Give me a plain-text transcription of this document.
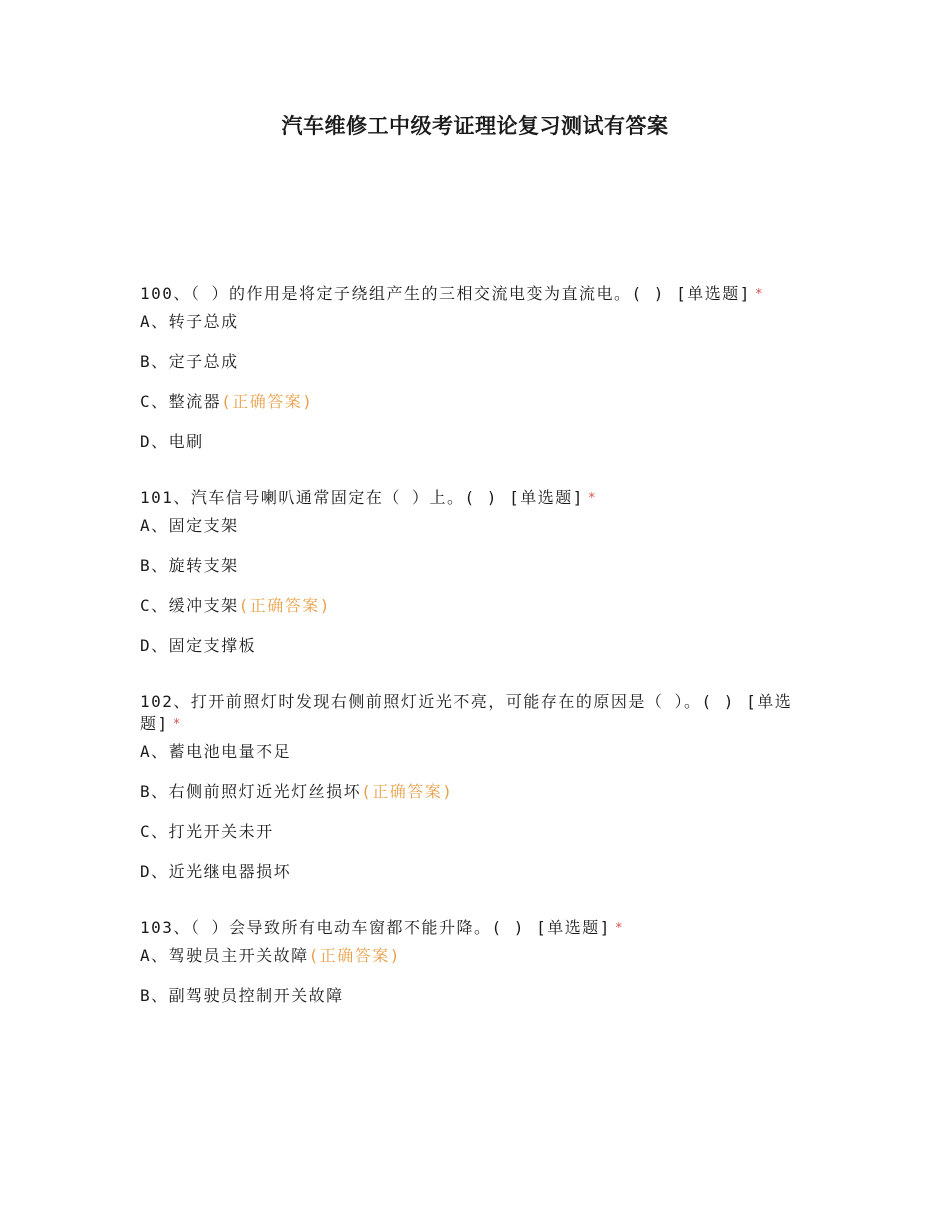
汽车维修工中级考证理论复习测试有答案

100、（ ）的作用是将定子绕组产生的三相交流电变为直流电。( ) [单选题] *

A、转子总成
B、定子总成
C、整流器(正确答案)
D、电刷

101、汽车信号喇叭通常固定在（ ）上。( ) [单选题] *

A、固定支架
B、旋转支架
C、缓冲支架(正确答案)
D、固定支撑板

102、打开前照灯时发现右侧前照灯近光不亮，可能存在的原因是（ ）。( ) [单选题] *

A、蓄电池电量不足
B、右侧前照灯近光灯丝损坏(正确答案)
C、打光开关未开
D、近光继电器损坏

103、（ ）会导致所有电动车窗都不能升降。( ) [单选题] *

A、驾驶员主开关故障(正确答案)
B、副驾驶员控制开关故障
